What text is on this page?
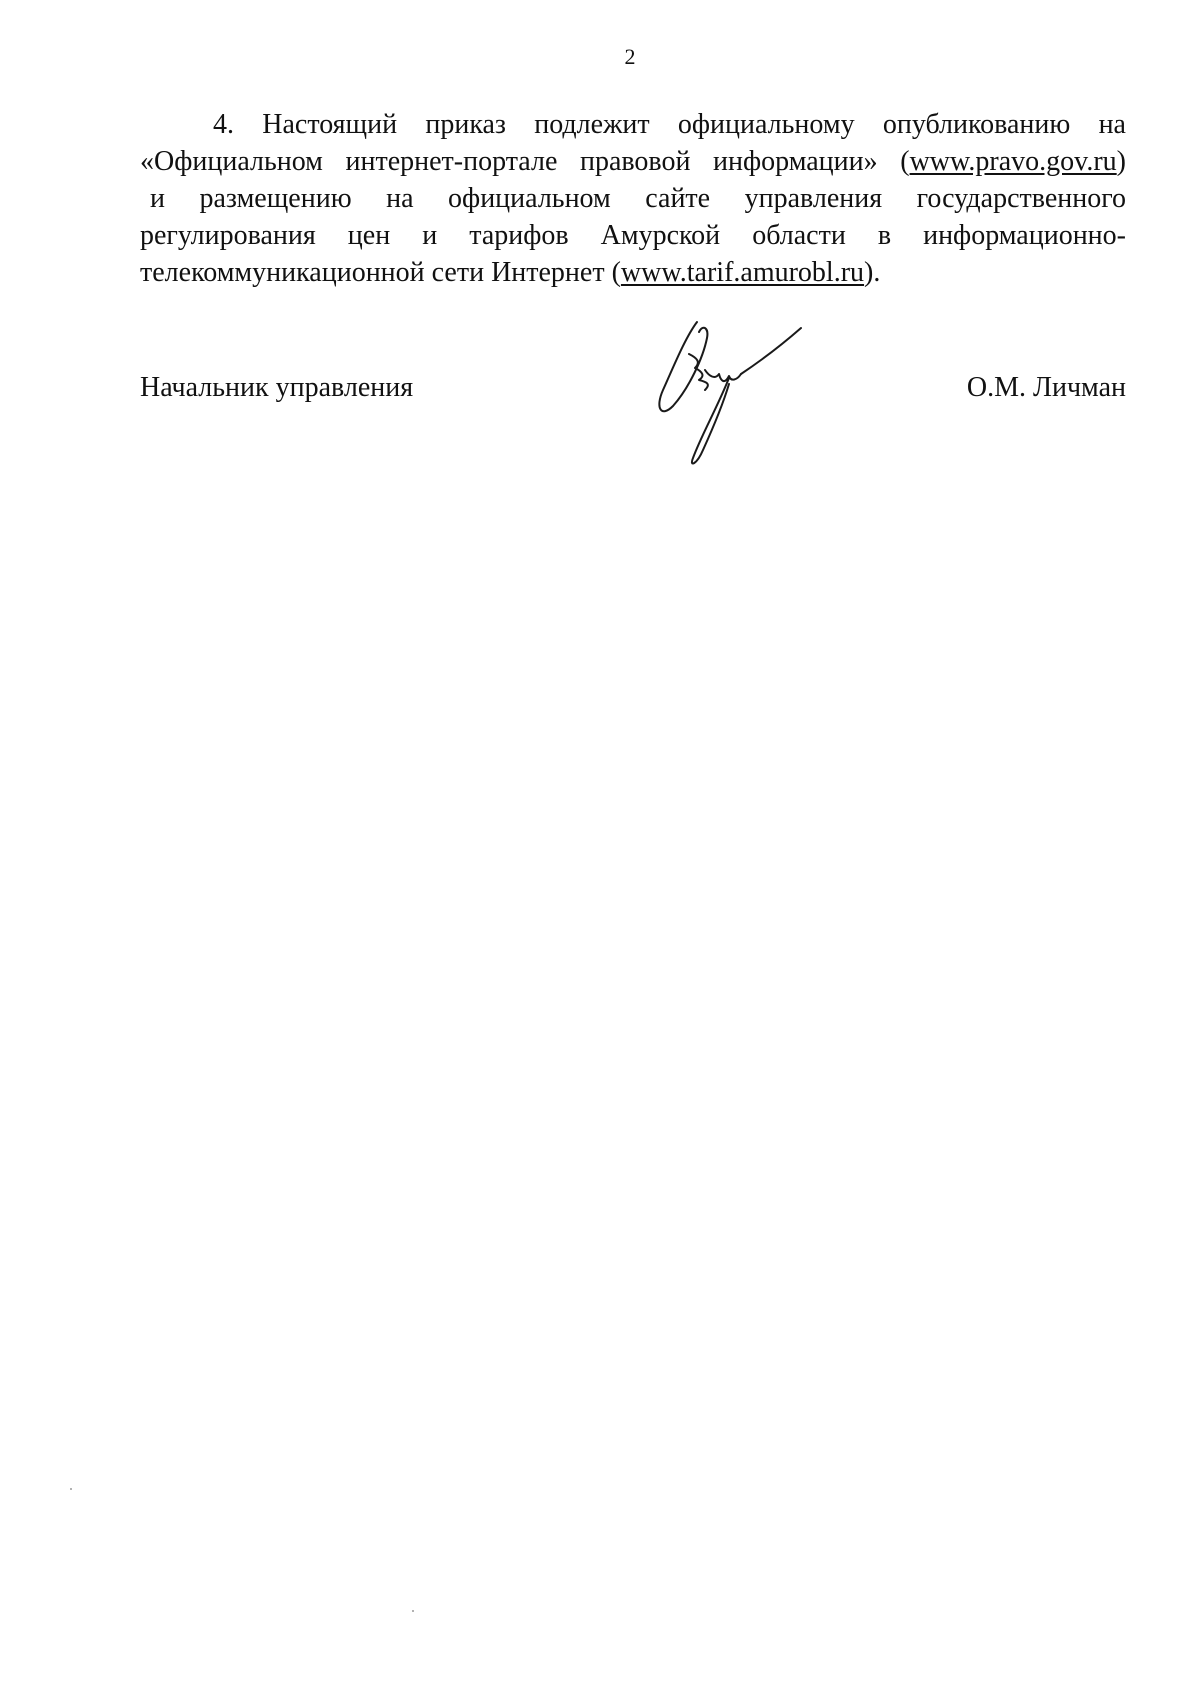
2
4. Настоящий приказ подлежит официальному опубликованию на
«Официальном интернет-портале правовой информации» (www.pravo.gov.ru)
и размещению на официальном сайте управления государственного
регулирования цен и тарифов Амурской области в информационно-
телекоммуникационной сети Интернет (www.tarif.amurobl.ru).
Начальник управления	О.М. Личман
